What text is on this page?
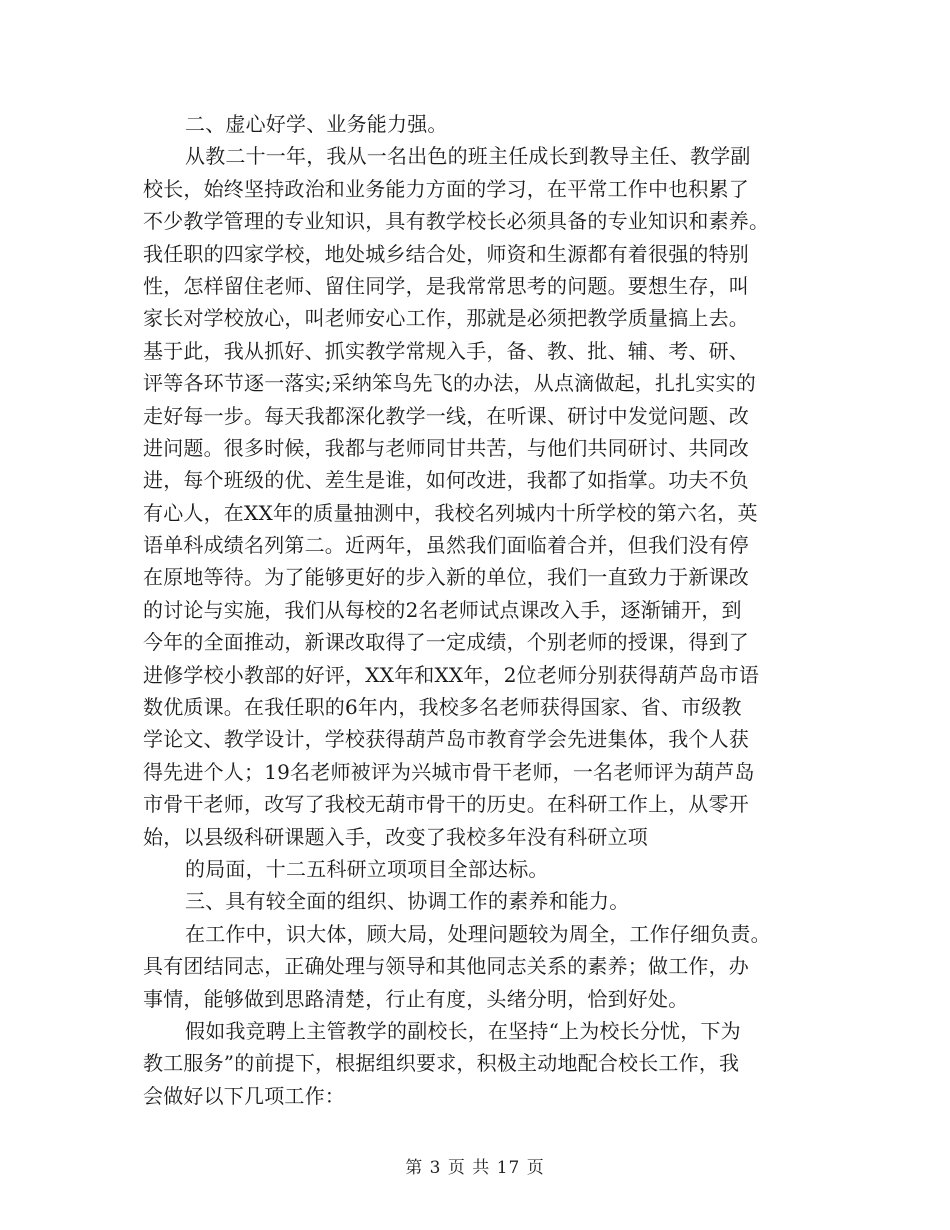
二、虚心好学、业务能力强。
从教二十一年，我从一名出色的班主任成长到教导主任、教学副
校长，始终坚持政治和业务能力方面的学习，在平常工作中也积累了
不少教学管理的专业知识，具有教学校长必须具备的专业知识和素养。
我任职的四家学校，地处城乡结合处，师资和生源都有着很强的特别
性，怎样留住老师、留住同学，是我常常思考的问题。要想生存，叫
家长对学校放心，叫老师安心工作，那就是必须把教学质量搞上去。
基于此，我从抓好、抓实教学常规入手，备、教、批、辅、考、研、
评等各环节逐一落实;采纳笨鸟先飞的办法，从点滴做起，扎扎实实的
走好每一步。每天我都深化教学一线，在听课、研讨中发觉问题、改
进问题。很多时候，我都与老师同甘共苦，与他们共同研讨、共同改
进，每个班级的优、差生是谁，如何改进，我都了如指掌。功夫不负
有心人，在XX年的质量抽测中，我校名列城内十所学校的第六名，英
语单科成绩名列第二。近两年，虽然我们面临着合并，但我们没有停
在原地等待。为了能够更好的步入新的单位，我们一直致力于新课改
的讨论与实施，我们从每校的2名老师试点课改入手，逐渐铺开，到
今年的全面推动，新课改取得了一定成绩，个别老师的授课，得到了
进修学校小教部的好评，XX年和XX年，2位老师分别获得葫芦岛市语
数优质课。在我任职的6年内，我校多名老师获得国家、省、市级教
学论文、教学设计，学校获得葫芦岛市教育学会先进集体，我个人获
得先进个人；19名老师被评为兴城市骨干老师，一名老师评为葫芦岛
市骨干老师，改写了我校无葫市骨干的历史。在科研工作上，从零开
始，以县级科研课题入手，改变了我校多年没有科研立项
的局面，十二五科研立项项目全部达标。
三、具有较全面的组织、协调工作的素养和能力。
在工作中，识大体，顾大局，处理问题较为周全，工作仔细负责。
具有团结同志，正确处理与领导和其他同志关系的素养；做工作，办
事情，能够做到思路清楚，行止有度，头绪分明，恰到好处。
假如我竞聘上主管教学的副校长，在坚持“上为校长分忧，下为
教工服务”的前提下，根据组织要求，积极主动地配合校长工作，我
会做好以下几项工作：
第 3 页 共 17 页
